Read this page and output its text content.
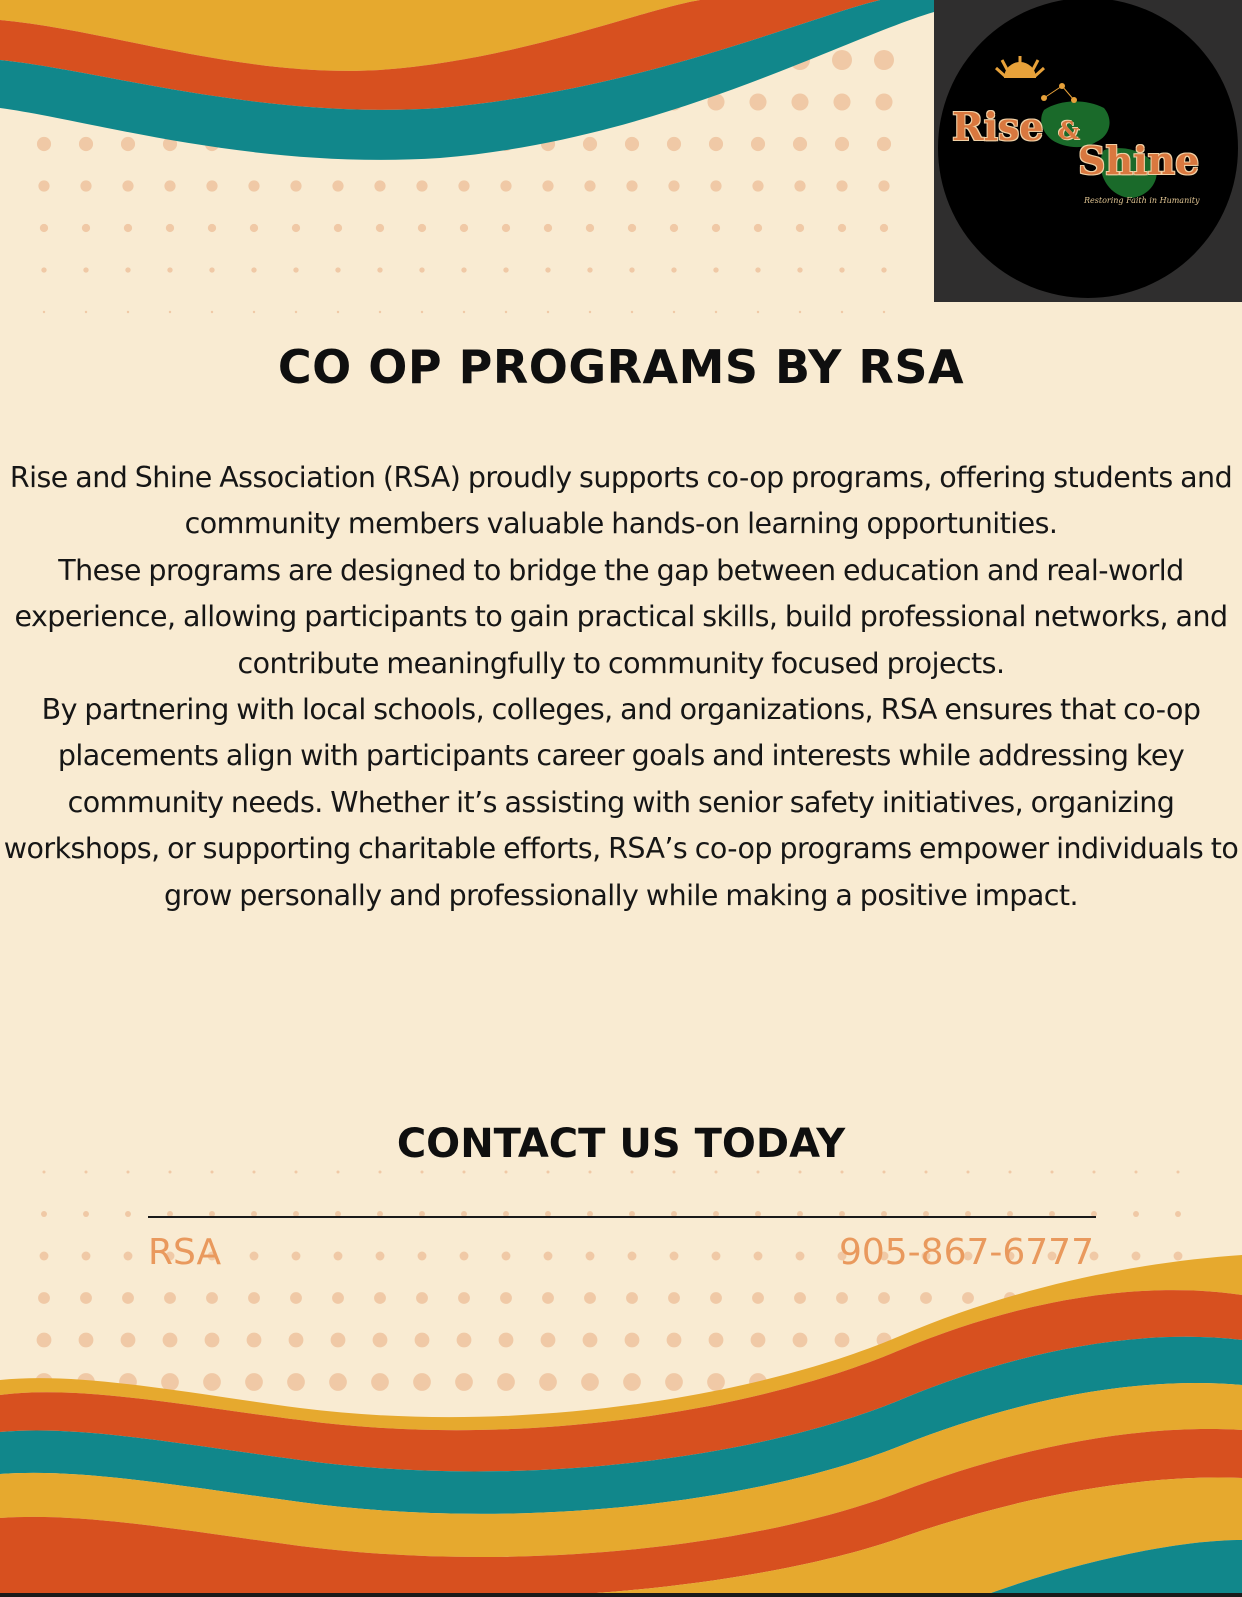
Rise &
Shine

Restoring Faith in Humanity

CO OP PROGRAMS BY RSA

Rise and Shine Association (RSA) proudly supports co-op programs, offering students and community members valuable hands-on learning opportunities.

These programs are designed to bridge the gap between education and real-world experience, allowing participants to gain practical skills, build professional networks, and contribute meaningfully to community focused projects.

By partnering with local schools, colleges, and organizations, RSA ensures that co-op placements align with participants career goals and interests while addressing key community needs. Whether it’s assisting with senior safety initiatives, organizing workshops, or supporting charitable efforts, RSA’s co-op programs empower individuals to grow personally and professionally while making a positive impact.

CONTACT US TODAY

RSA	905-867-6777
